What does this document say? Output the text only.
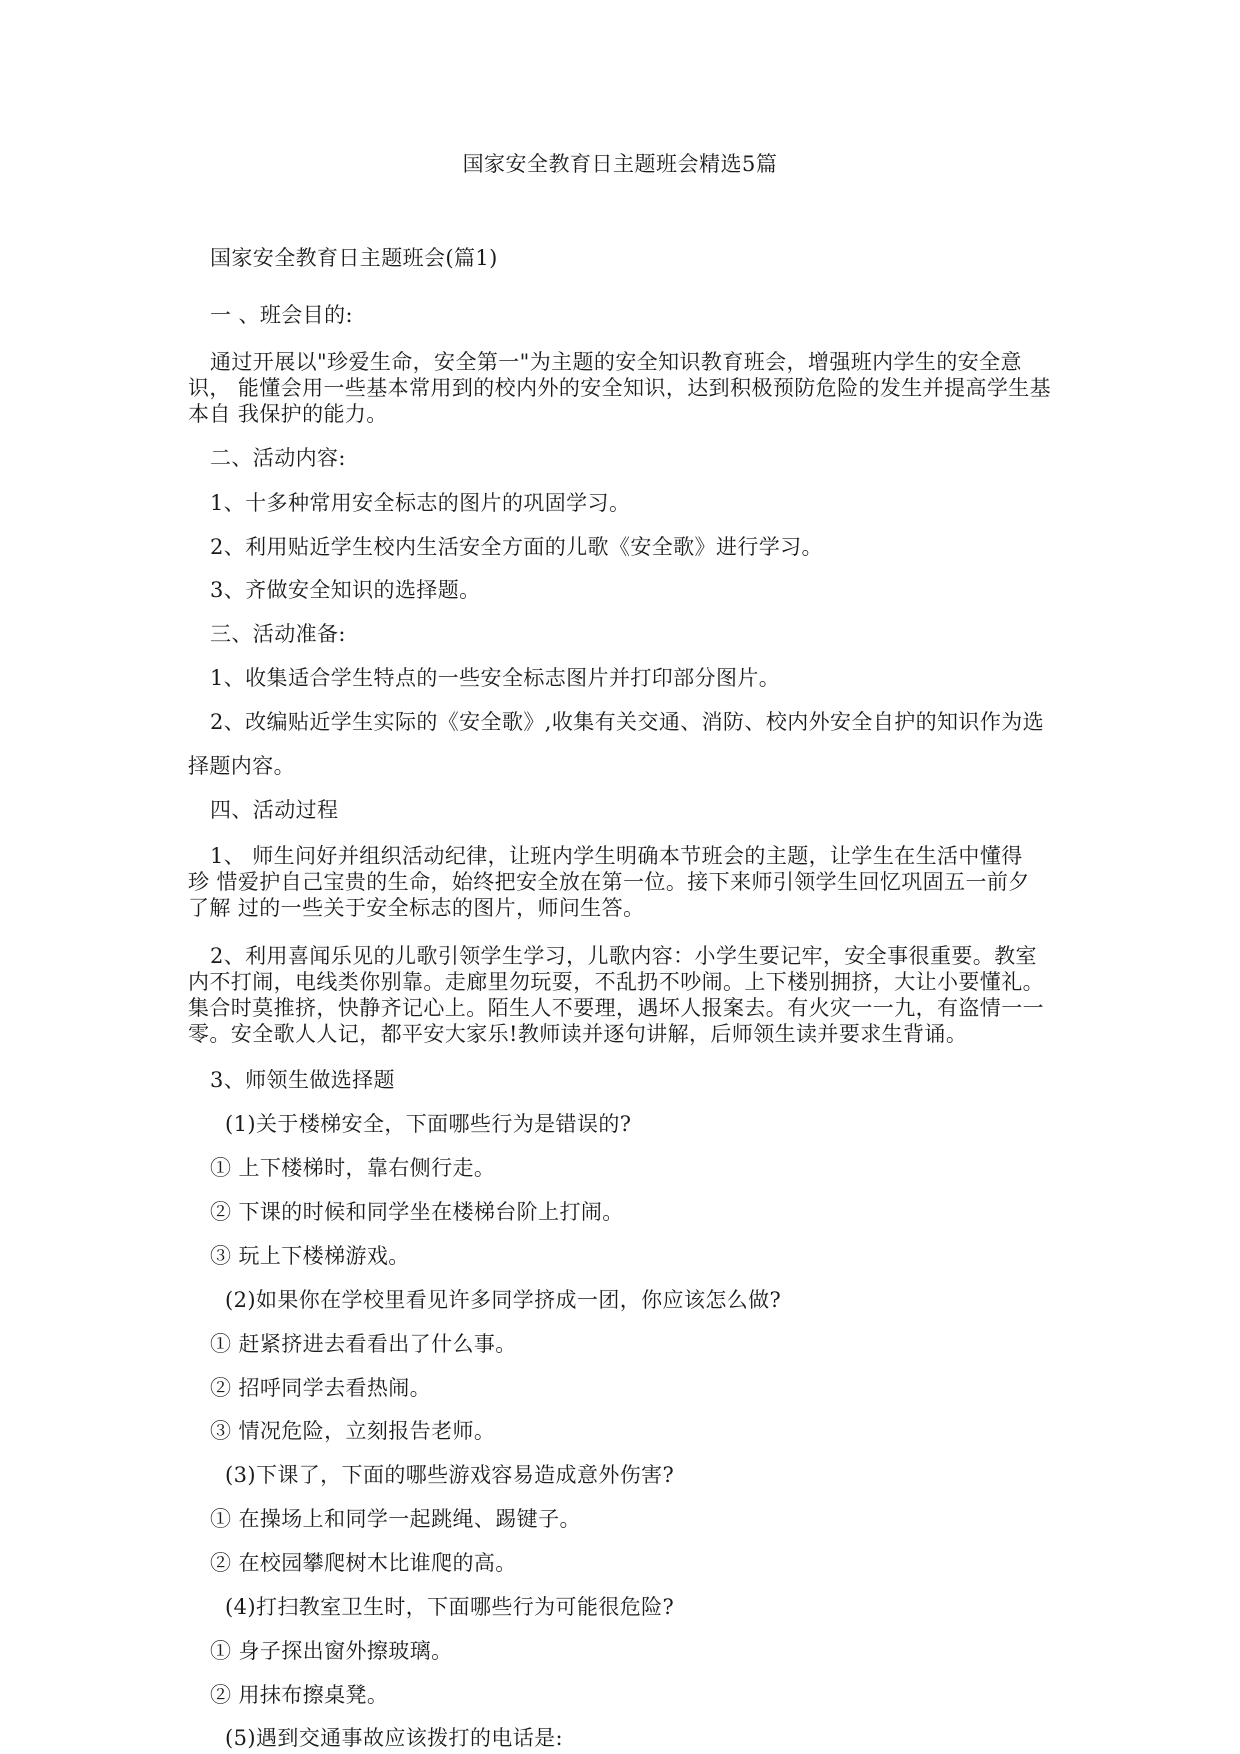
国家安全教育日主题班会精选5篇
国家安全教育日主题班会(篇1)
一 、班会目的:
通过开展以"珍爱生命，安全第一"为主题的安全知识教育班会，增强班内学生的安全意
识， 能懂会用一些基本常用到的校内外的安全知识，达到积极预防危险的发生并提高学生基
本自 我保护的能力。
二、活动内容:
1、十多种常用安全标志的图片的巩固学习。
2、利用贴近学生校内生活安全方面的儿歌《安全歌》进行学习。
3、齐做安全知识的选择题。
三、活动准备:
1、收集适合学生特点的一些安全标志图片并打印部分图片。
2、改编贴近学生实际的《安全歌》,收集有关交通、消防、校内外安全自护的知识作为选
择题内容。
四、活动过程
1、 师生问好并组织活动纪律，让班内学生明确本节班会的主题，让学生在生活中懂得
珍 惜爱护自己宝贵的生命，始终把安全放在第一位。接下来师引领学生回忆巩固五一前夕
了解 过的一些关于安全标志的图片，师问生答。
2、利用喜闻乐见的儿歌引领学生学习，儿歌内容：小学生要记牢，安全事很重要。教室
内不打闹，电线类你别靠。走廊里勿玩耍，不乱扔不吵闹。上下楼别拥挤，大让小要懂礼。
集合时莫推挤，快静齐记心上。陌生人不要理，遇坏人报案去。有火灾一一九，有盗情一一
零。安全歌人人记，都平安大家乐!教师读并逐句讲解，后师领生读并要求生背诵。
3、师领生做选择题
(1)关于楼梯安全，下面哪些行为是错误的?
① 上下楼梯时，靠右侧行走。
② 下课的时候和同学坐在楼梯台阶上打闹。
③ 玩上下楼梯游戏。
(2)如果你在学校里看见许多同学挤成一团，你应该怎么做?
① 赶紧挤进去看看出了什么事。
② 招呼同学去看热闹。
③ 情况危险，立刻报告老师。
(3)下课了，下面的哪些游戏容易造成意外伤害?
① 在操场上和同学一起跳绳、踢键子。
② 在校园攀爬树木比谁爬的高。
(4)打扫教室卫生时，下面哪些行为可能很危险?
① 身子探出窗外擦玻璃。
② 用抹布擦桌凳。
(5)遇到交通事故应该拨打的电话是:
